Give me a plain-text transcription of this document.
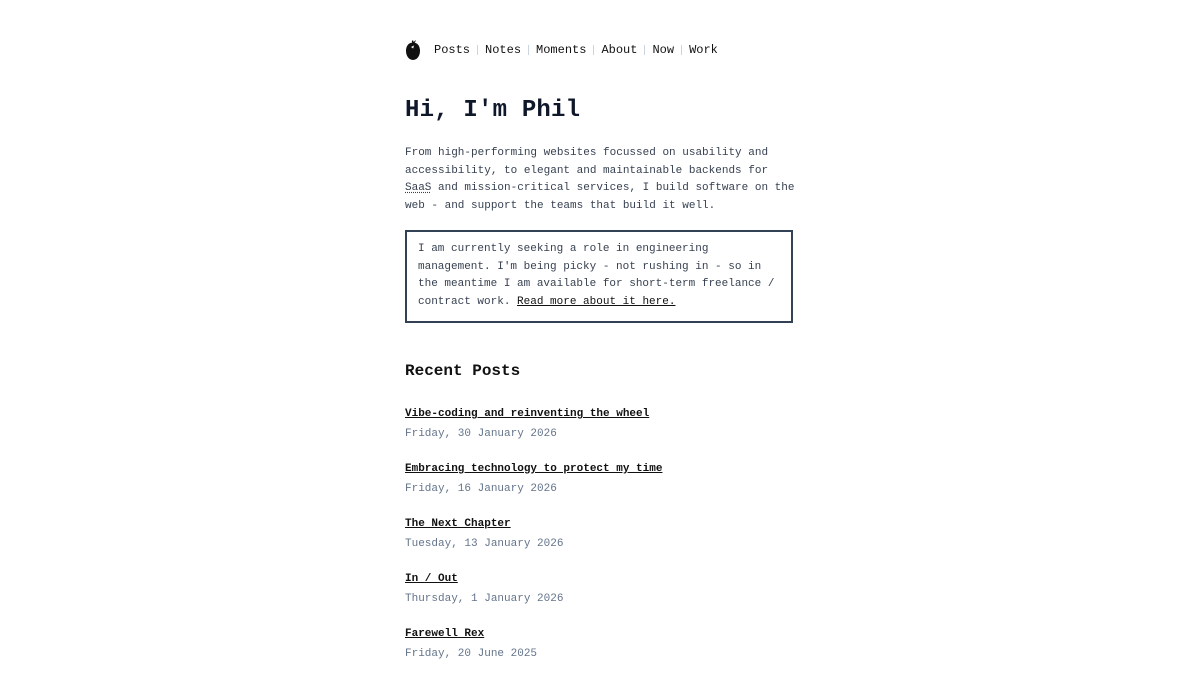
Posts Notes Moments About Now Work
Hi, I'm Phil

From high-performing websites focussed on usability and accessibility, to elegant and maintainable backends for SaaS and mission-critical services, I build software on the web - and support the teams that build it well.

I am currently seeking a role in engineering management. I'm being picky - not rushing in - so in the meantime I am available for short-term freelance / contract work. Read more about it here.
Recent Posts
Vibe-coding and reinventing the wheel
Friday, 30 January 2026
Embracing technology to protect my time
Friday, 16 January 2026
The Next Chapter
Tuesday, 13 January 2026
In / Out
Thursday, 1 January 2026
Farewell Rex
Friday, 20 June 2025
